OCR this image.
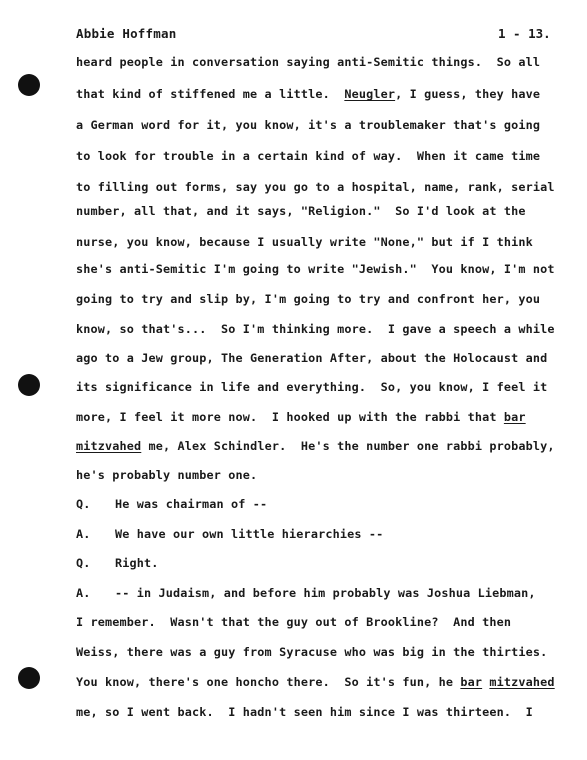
Abbie Hoffman	1 - 13.
heard people in conversation saying anti-Semitic things.  So all
that kind of stiffened me a little.  Neugler, I guess, they have
a German word for it, you know, it's a troublemaker that's going
to look for trouble in a certain kind of way.  When it came time
to filling out forms, say you go to a hospital, name, rank, serial
number, all that, and it says, "Religion."  So I'd look at the
nurse, you know, because I usually write "None," but if I think
she's anti-Semitic I'm going to write "Jewish."  You know, I'm not
going to try and slip by, I'm going to try and confront her, you
know, so that's...  So I'm thinking more.  I gave a speech a while
ago to a Jew group, The Generation After, about the Holocaust and
its significance in life and everything.  So, you know, I feel it
more, I feel it more now.  I hooked up with the rabbi that bar
mitzvahed me, Alex Schindler.  He's the number one rabbi probably,
he's probably number one.
Q. He was chairman of --
A. We have our own little hierarchies --
Q. Right.
A. -- in Judaism, and before him probably was Joshua Liebman,
I remember.  Wasn't that the guy out of Brookline?  And then
Weiss, there was a guy from Syracuse who was big in the thirties.
You know, there's one honcho there.  So it's fun, he bar mitzvahed
me, so I went back.  I hadn't seen him since I was thirteen.  I
